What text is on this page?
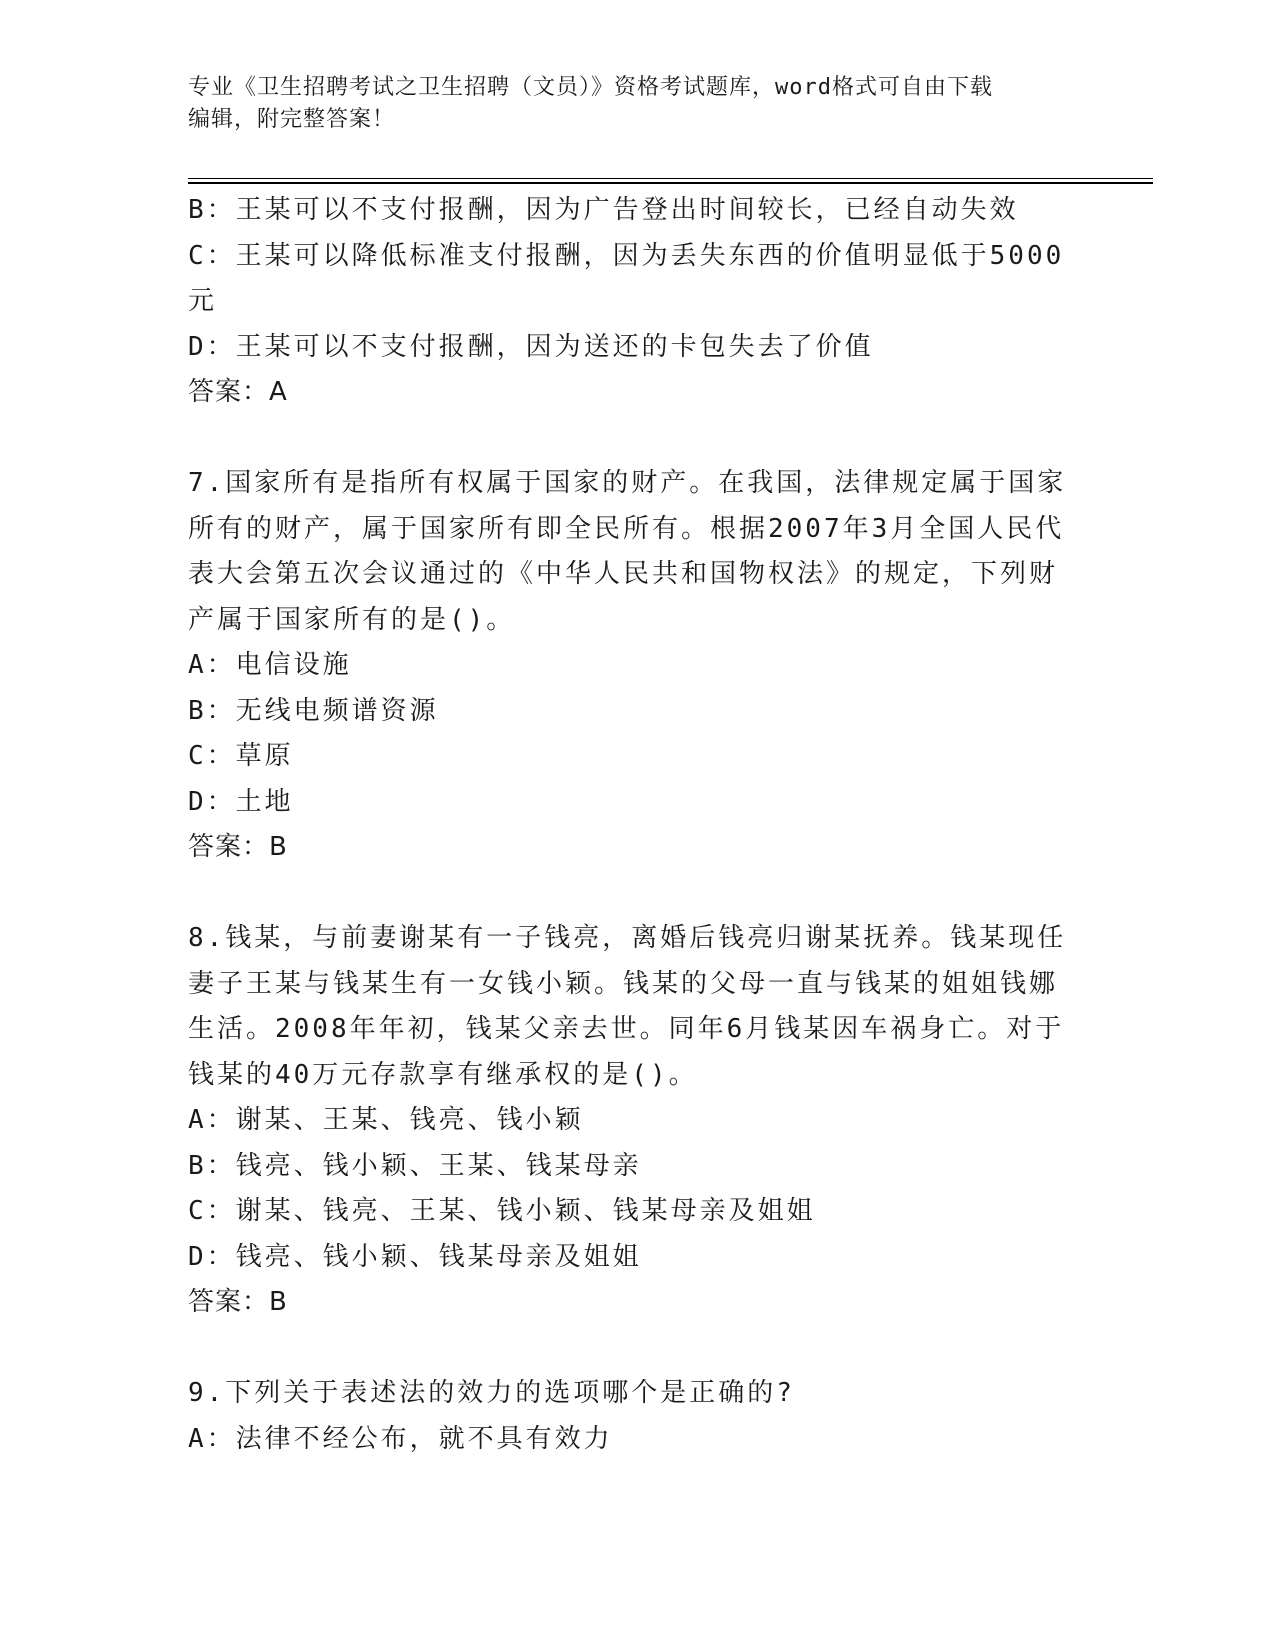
专业《卫生招聘考试之卫生招聘（文员）》资格考试题库，word格式可自由下载
编辑，附完整答案！
B：王某可以不支付报酬，因为广告登出时间较长，已经自动失效
C：王某可以降低标准支付报酬，因为丢失东西的价值明显低于5000
元
D：王某可以不支付报酬，因为送还的卡包失去了价值
答案：A
7.国家所有是指所有权属于国家的财产。在我国，法律规定属于国家
所有的财产，属于国家所有即全民所有。根据2007年3月全国人民代
表大会第五次会议通过的《中华人民共和国物权法》的规定，下列财
产属于国家所有的是()。
A：电信设施
B：无线电频谱资源
C：草原
D：土地
答案：B
8.钱某，与前妻谢某有一子钱亮，离婚后钱亮归谢某抚养。钱某现任
妻子王某与钱某生有一女钱小颖。钱某的父母一直与钱某的姐姐钱娜
生活。2008年年初，钱某父亲去世。同年6月钱某因车祸身亡。对于
钱某的40万元存款享有继承权的是()。
A：谢某、王某、钱亮、钱小颖
B：钱亮、钱小颖、王某、钱某母亲
C：谢某、钱亮、王某、钱小颖、钱某母亲及姐姐
D：钱亮、钱小颖、钱某母亲及姐姐
答案：B
9.下列关于表述法的效力的选项哪个是正确的?
A：法律不经公布，就不具有效力
